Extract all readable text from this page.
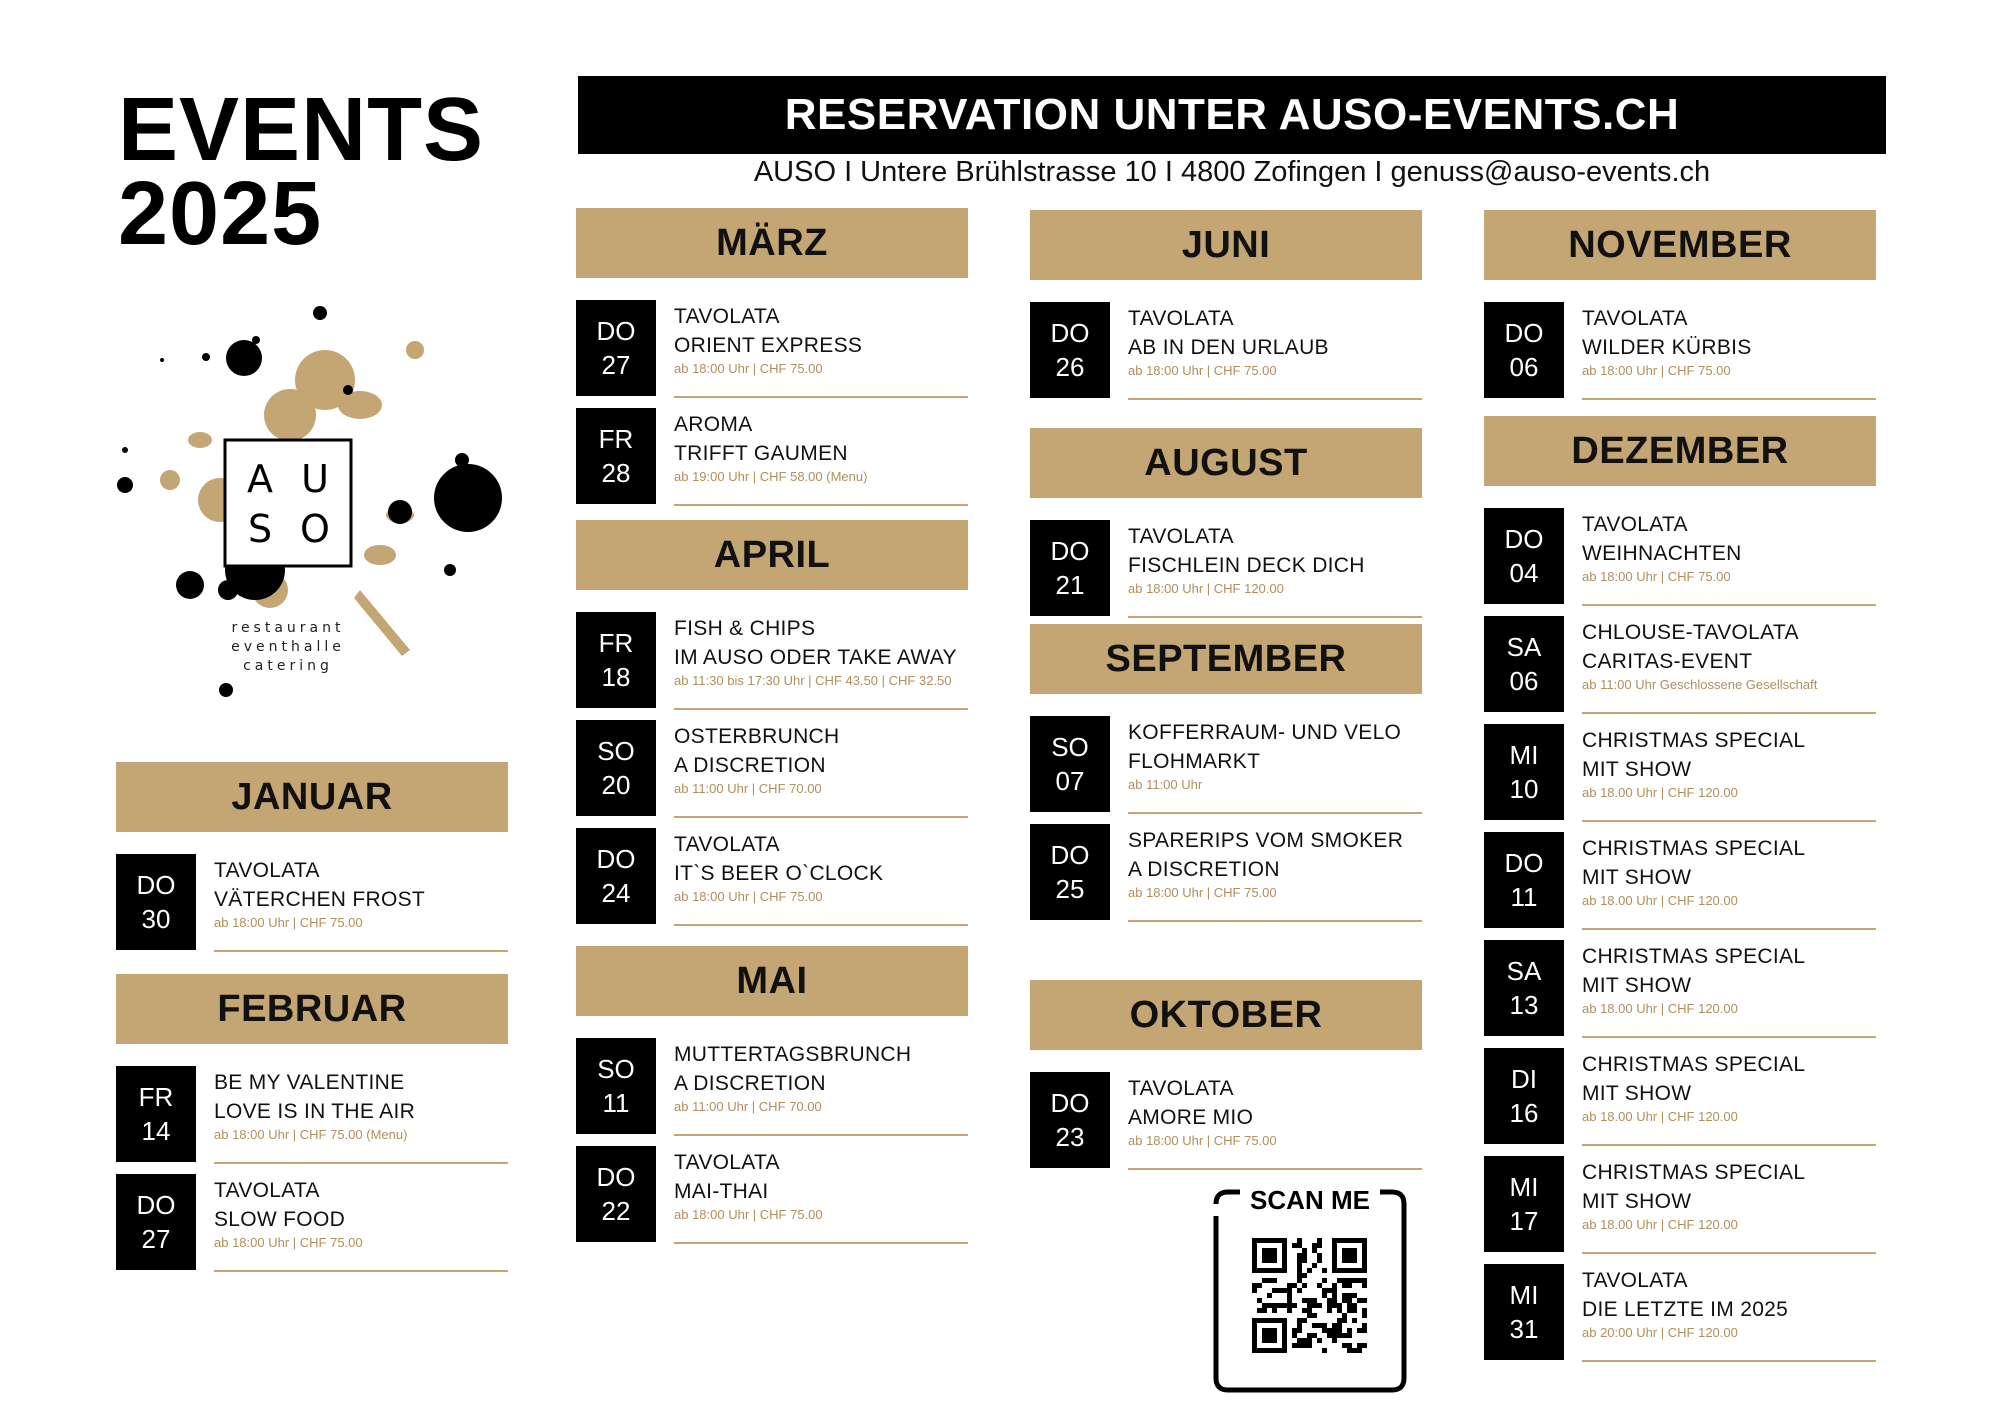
EVENTS
2025
RESERVATION UNTER AUSO-EVENTS.CH
AUSO I Untere Brühlstrasse 10 I 4800 Zofingen I genuss@auso-events.ch
A U
S O
restaurant
eventhalle
catering
JANUAR
DO
30
TAVOLATA
VÄTERCHEN FROST
ab 18:00 Uhr | CHF 75.00
FEBRUAR
FR
14
BE MY VALENTINE
LOVE IS IN THE AIR
ab 18:00 Uhr | CHF 75.00 (Menu)
DO
27
TAVOLATA
SLOW FOOD
ab 18:00 Uhr | CHF 75.00
MÄRZ
DO
27
TAVOLATA
ORIENT EXPRESS
ab 18:00 Uhr | CHF 75.00
FR
28
AROMA
TRIFFT GAUMEN
ab 19:00 Uhr | CHF 58.00 (Menu)
APRIL
FR
18
FISH & CHIPS
IM AUSO ODER TAKE AWAY
ab 11:30 bis 17:30 Uhr | CHF 43.50 | CHF 32.50
SO
20
OSTERBRUNCH
A DISCRETION
ab 11:00 Uhr | CHF 70.00
DO
24
TAVOLATA
IT`S BEER O`CLOCK
ab 18:00 Uhr | CHF 75.00
MAI
SO
11
MUTTERTAGSBRUNCH
A DISCRETION
ab 11:00 Uhr | CHF 70.00
DO
22
TAVOLATA
MAI-THAI
ab 18:00 Uhr | CHF 75.00
JUNI
DO
26
TAVOLATA
AB IN DEN URLAUB
ab 18:00 Uhr | CHF 75.00
AUGUST
DO
21
TAVOLATA
FISCHLEIN DECK DICH
ab 18:00 Uhr | CHF 120.00
SEPTEMBER
SO
07
KOFFERRAUM- UND VELO
FLOHMARKT
ab 11:00 Uhr
DO
25
SPARERIPS VOM SMOKER
A DISCRETION
ab 18:00 Uhr | CHF 75.00
OKTOBER
DO
23
TAVOLATA
AMORE MIO
ab 18:00 Uhr | CHF 75.00
NOVEMBER
DO
06
TAVOLATA
WILDER KÜRBIS
ab 18:00 Uhr | CHF 75.00
DEZEMBER
DO
04
TAVOLATA
WEIHNACHTEN
ab 18:00 Uhr | CHF 75.00
SA
06
CHLOUSE-TAVOLATA
CARITAS-EVENT
ab 11:00 Uhr Geschlossene Gesellschaft
MI
10
CHRISTMAS SPECIAL
MIT SHOW
ab 18.00 Uhr | CHF 120.00
DO
11
CHRISTMAS SPECIAL
MIT SHOW
ab 18.00 Uhr | CHF 120.00
SA
13
CHRISTMAS SPECIAL
MIT SHOW
ab 18.00 Uhr | CHF 120.00
DI
16
CHRISTMAS SPECIAL
MIT SHOW
ab 18.00 Uhr | CHF 120.00
MI
17
CHRISTMAS SPECIAL
MIT SHOW
ab 18.00 Uhr | CHF 120.00
MI
31
TAVOLATA
DIE LETZTE IM 2025
ab 20:00 Uhr | CHF 120.00
SCAN ME
